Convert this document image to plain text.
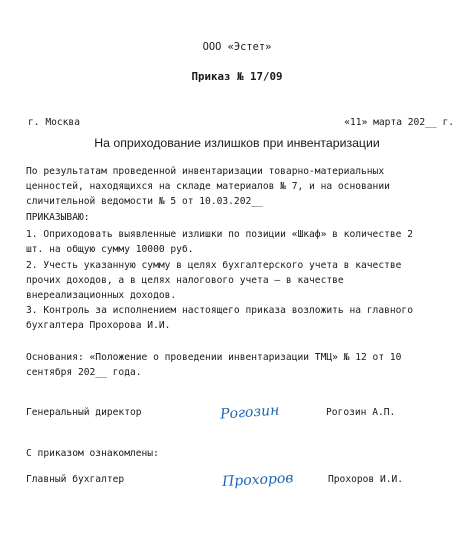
ООО «Эстет»
Приказ № 17/09
г. Москва	«11» марта 202__ г.
На оприходование излишков при инвентаризации
По результатам проведенной инвентаризации товарно-материальных
ценностей, находящихся на складе материалов № 7, и на основании
сличительной ведомости № 5 от 10.03.202__
ПРИКАЗЫВАЮ:
1. Оприходовать выявленные излишки по позиции «Шкаф» в количестве 2
шт. на общую сумму 10000 руб.
2. Учесть указанную сумму в целях бухгалтерского учета в качестве
прочих доходов, а в целях налогового учета — в качестве
внереализационных доходов.
3. Контроль за исполнением настоящего приказа возложить на главного
бухгалтера Прохорова И.И.
Основания: «Положение о проведении инвентаризации ТМЦ» № 12 от 10
сентября 202__ года.
Генеральный директор	Рогозин	Рогозин А.П.
С приказом ознакомлены:
Главный бухгалтер	Прохоров	Прохоров И.И.
